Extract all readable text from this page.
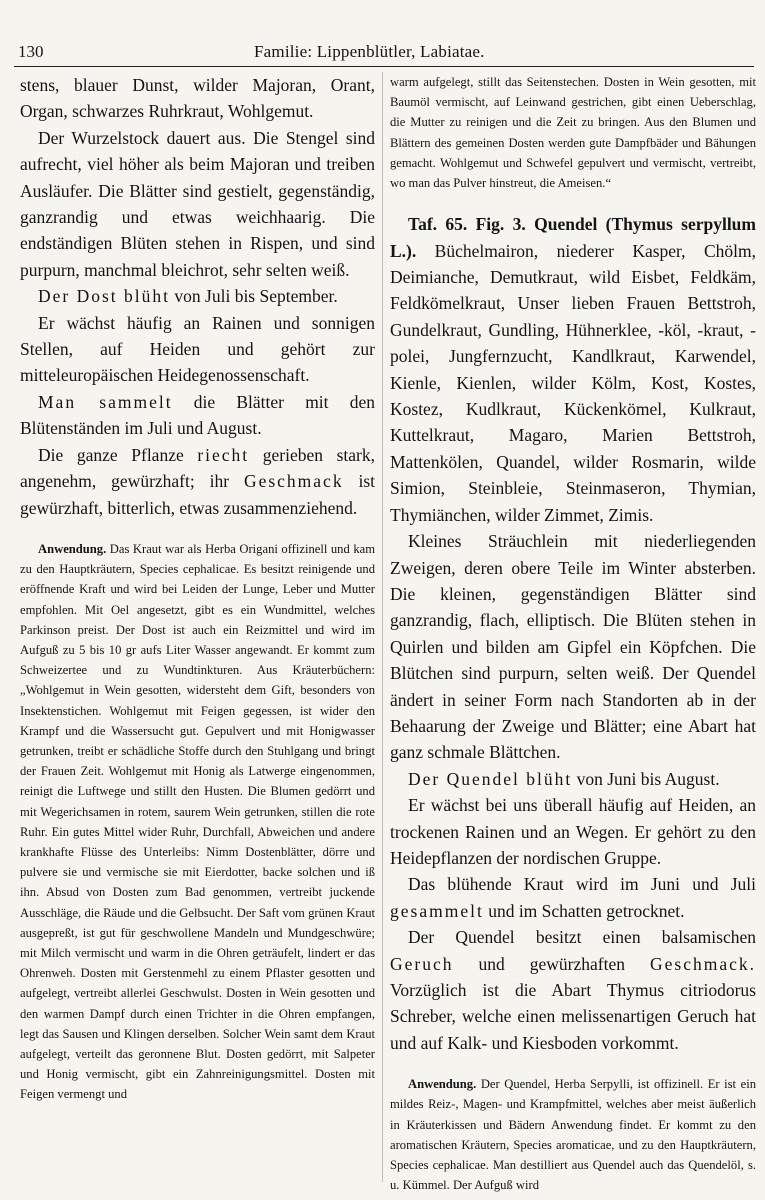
130	Familie: Lippenblütler, Labiatae.

stens, blauer Dunst, wilder Majoran, Orant, Organ, schwarzes Ruhrkraut, Wohlgemut.

Der Wurzelstock dauert aus. Die Stengel sind aufrecht, viel höher als beim Majoran und treiben Ausläufer. Die Blätter sind gestielt, gegenständig, ganzrandig und etwas weichhaarig. Die endständigen Blüten stehen in Rispen, und sind purpurn, manchmal bleichrot, sehr selten weiß.

Der Dost blüht von Juli bis September.

Er wächst häufig an Rainen und sonnigen Stellen, auf Heiden und gehört zur mitteleuropäischen Heidegenossenschaft.

Man sammelt die Blätter mit den Blütenständen im Juli und August.

Die ganze Pflanze riecht gerieben stark, angenehm, gewürzhaft; ihr Geschmack ist gewürzhaft, bitterlich, etwas zusammenziehend.

Anwendung. Das Kraut war als Herba Origani offizinell und kam zu den Hauptkräutern, Species cephalicae. Es besitzt reinigende und eröffnende Kraft und wird bei Leiden der Lunge, Leber und Mutter empfohlen. Mit Oel angesetzt, gibt es ein Wundmittel, welches Parkinson preist. Der Dost ist auch ein Reizmittel und wird im Aufguß zu 5 bis 10 gr aufs Liter Wasser angewandt. Er kommt zum Schweizertee und zu Wundtinkturen. Aus Kräuterbüchern: „Wohlgemut in Wein gesotten, widersteht dem Gift, besonders von Insektenstichen. Wohlgemut mit Feigen gegessen, ist wider den Krampf und die Wassersucht gut. Gepulvert und mit Honigwasser getrunken, treibt er schädliche Stoffe durch den Stuhlgang und bringt der Frauen Zeit. Wohlgemut mit Honig als Latwerge eingenommen, reinigt die Luftwege und stillt den Husten. Die Blumen gedörrt und mit Wegerichsamen in rotem, saurem Wein getrunken, stillen die rote Ruhr. Ein gutes Mittel wider Ruhr, Durchfall, Abweichen und andere krankhafte Flüsse des Unterleibs: Nimm Dostenblätter, dörre und pulvere sie und vermische sie mit Eierdotter, backe solchen und iß ihn. Absud von Dosten zum Bad genommen, vertreibt juckende Ausschläge, die Räude und die Gelbsucht. Der Saft vom grünen Kraut ausgepreßt, ist gut für geschwollene Mandeln und Mundgeschwüre; mit Milch vermischt und warm in die Ohren geträufelt, lindert er das Ohrenweh. Dosten mit Gerstenmehl zu einem Pflaster gesotten und aufgelegt, vertreibt allerlei Geschwulst. Dosten in Wein gesotten und den warmen Dampf durch einen Trichter in die Ohren empfangen, legt das Sausen und Klingen derselben. Solcher Wein samt dem Kraut aufgelegt, verteilt das geronnene Blut. Dosten gedörrt, mit Salpeter und Honig vermischt, gibt ein Zahnreinigungsmittel. Dosten mit Feigen vermengt und

warm aufgelegt, stillt das Seitenstechen. Dosten in Wein gesotten, mit Baumöl vermischt, auf Leinwand gestrichen, gibt einen Ueberschlag, die Mutter zu reinigen und die Zeit zu bringen. Aus den Blumen und Blättern des gemeinen Dosten werden gute Dampfbäder und Bähungen gemacht. Wohlgemut und Schwefel gepulvert und vermischt, vertreibt, wo man das Pulver hinstreut, die Ameisen.“

Taf. 65. Fig. 3. Quendel (Thymus serpyllum L.). Büchelmairon, niederer Kasper, Chölm, Deimianche, Demutkraut, wild Eisbet, Feldkäm, Feldkömelkraut, Unser lieben Frauen Bettstroh, Gundelkraut, Gundling, Hühnerklee, -köl, -kraut, -polei, Jungfernzucht, Kandlkraut, Karwendel, Kienle, Kienlen, wilder Kölm, Kost, Kostes, Kostez, Kudlkraut, Kückenkömel, Kulkraut, Kuttelkraut, Magaro, Marien Bettstroh, Mattenkölen, Quandel, wilder Rosmarin, wilde Simion, Steinbleie, Steinmaseron, Thymian, Thymiänchen, wilder Zimmet, Zimis.

Kleines Sträuchlein mit niederliegenden Zweigen, deren obere Teile im Winter absterben. Die kleinen, gegenständigen Blätter sind ganzrandig, flach, elliptisch. Die Blüten stehen in Quirlen und bilden am Gipfel ein Köpfchen. Die Blütchen sind purpurn, selten weiß. Der Quendel ändert in seiner Form nach Standorten ab in der Behaarung der Zweige und Blätter; eine Abart hat ganz schmale Blättchen.

Der Quendel blüht von Juni bis August.

Er wächst bei uns überall häufig auf Heiden, an trockenen Rainen und an Wegen. Er gehört zu den Heidepflanzen der nordischen Gruppe.

Das blühende Kraut wird im Juni und Juli gesammelt und im Schatten getrocknet.

Der Quendel besitzt einen balsamischen Geruch und gewürzhaften Geschmack. Vorzüglich ist die Abart Thymus citriodorus Schreber, welche einen melissenartigen Geruch hat und auf Kalk- und Kiesboden vorkommt.

Anwendung. Der Quendel, Herba Serpylli, ist offizinell. Er ist ein mildes Reiz-, Magen- und Krampfmittel, welches aber meist äußerlich in Kräuterkissen und Bädern Anwendung findet. Er kommt zu den aromatischen Kräutern, Species aromaticae, und zu den Hauptkräutern, Species cephalicae. Man destilliert aus Quendel auch das Quendelöl, s. u. Kümmel. Der Aufguß wird
